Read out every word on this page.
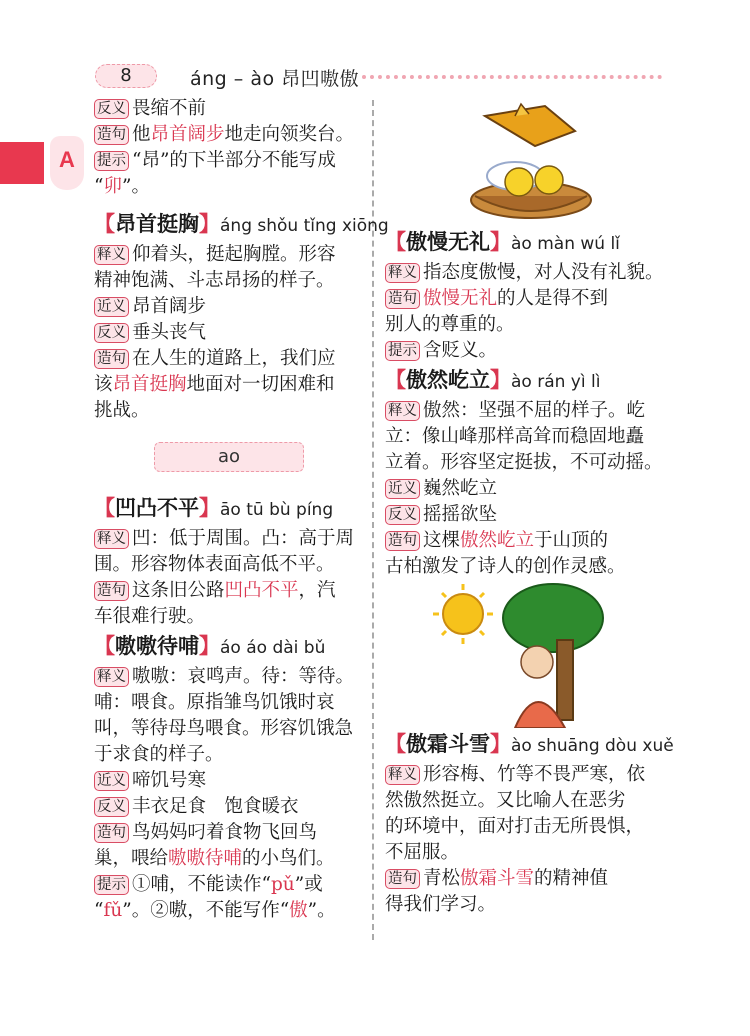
8	áng – ào 昂凹嗷傲
A
反义 畏缩不前
造句 他昂首阔步地走向领奖台。
提示 “昂”的下半部分不能写成
“卯”。
【昂首挺胸】áng shǒu tǐng xiōng
释义 仰着头，挺起胸膛。形容
精神饱满、斗志昂扬的样子。
近义 昂首阔步
反义 垂头丧气
造句 在人生的道路上，我们应
该昂首挺胸地面对一切困难和
挑战。
ao
【凹凸不平】āo tū bù píng
释义 凹：低于周围。凸：高于周
围。形容物体表面高低不平。
造句 这条旧公路凹凸不平，汽
车很难行驶。
【嗷嗷待哺】áo áo dài bǔ
释义 嗷嗷：哀鸣声。待：等待。
哺：喂食。原指雏鸟饥饿时哀
叫，等待母鸟喂食。形容饥饿急
于求食的样子。
近义 啼饥号寒
反义 丰衣足食　饱食暖衣
造句 鸟妈妈叼着食物飞回鸟
巢，喂给嗷嗷待哺的小鸟们。
提示 ①哺，不能读作“pǔ”或
“fǔ”。②嗷，不能写作“傲”。
【傲慢无礼】ào màn wú lǐ
释义 指态度傲慢，对人没有礼貌。
造句 傲慢无礼的人是得不到
别人的尊重的。
提示 含贬义。
【傲然屹立】ào rán yì lì
释义 傲然：坚强不屈的样子。屹
立：像山峰那样高耸而稳固地矗
立着。形容坚定挺拔，不可动摇。
近义 巍然屹立
反义 摇摇欲坠
造句 这棵傲然屹立于山顶的
古柏激发了诗人的创作灵感。
【傲霜斗雪】ào shuāng dòu xuě
释义 形容梅、竹等不畏严寒，依
然傲然挺立。又比喻人在恶劣
的环境中，面对打击无所畏惧，
不屈服。
造句 青松傲霜斗雪的精神值
得我们学习。
